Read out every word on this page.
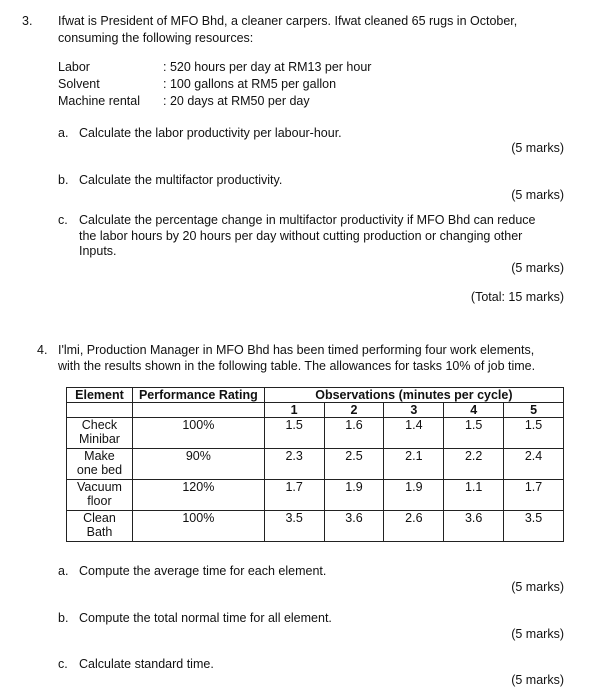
3. Ifwat is President of MFO Bhd, a cleaner carpers. Ifwat cleaned 65 rugs in October,
consuming the following resources:
Labor	: 520 hours per day at RM13 per hour
Solvent	: 100 gallons at RM5 per gallon
Machine rental : 20 days at RM50 per day
a. Calculate the labor productivity per labour-hour.
(5 marks)
b. Calculate the multifactor productivity.
(5 marks)
c. Calculate the percentage change in multifactor productivity if MFO Bhd can reduce
the labor hours by 20 hours per day without cutting production or changing other
Inputs.
(5 marks)
(Total: 15 marks)
4. I'lmi, Production Manager in MFO Bhd has been timed performing four work elements,
with the results shown in the following table. The allowances for tasks 10% of job time.
Element	Performance Rating	Observations (minutes per cycle)				
		1	2	3	4	5

Check
Minibar	100%	1.5	1.6	1.4	1.5	1.5

Make
one bed	90%	2.3	2.5	2.1	2.2	2.4

Vacuum
floor	120%	1.7	1.9	1.9	1.1	1.7

Clean
Bath	100%	3.5	3.6	2.6	3.6	3.5
a. Compute the average time for each element.
(5 marks)
b. Compute the total normal time for all element.
(5 marks)
c. Calculate standard time.
(5 marks)
